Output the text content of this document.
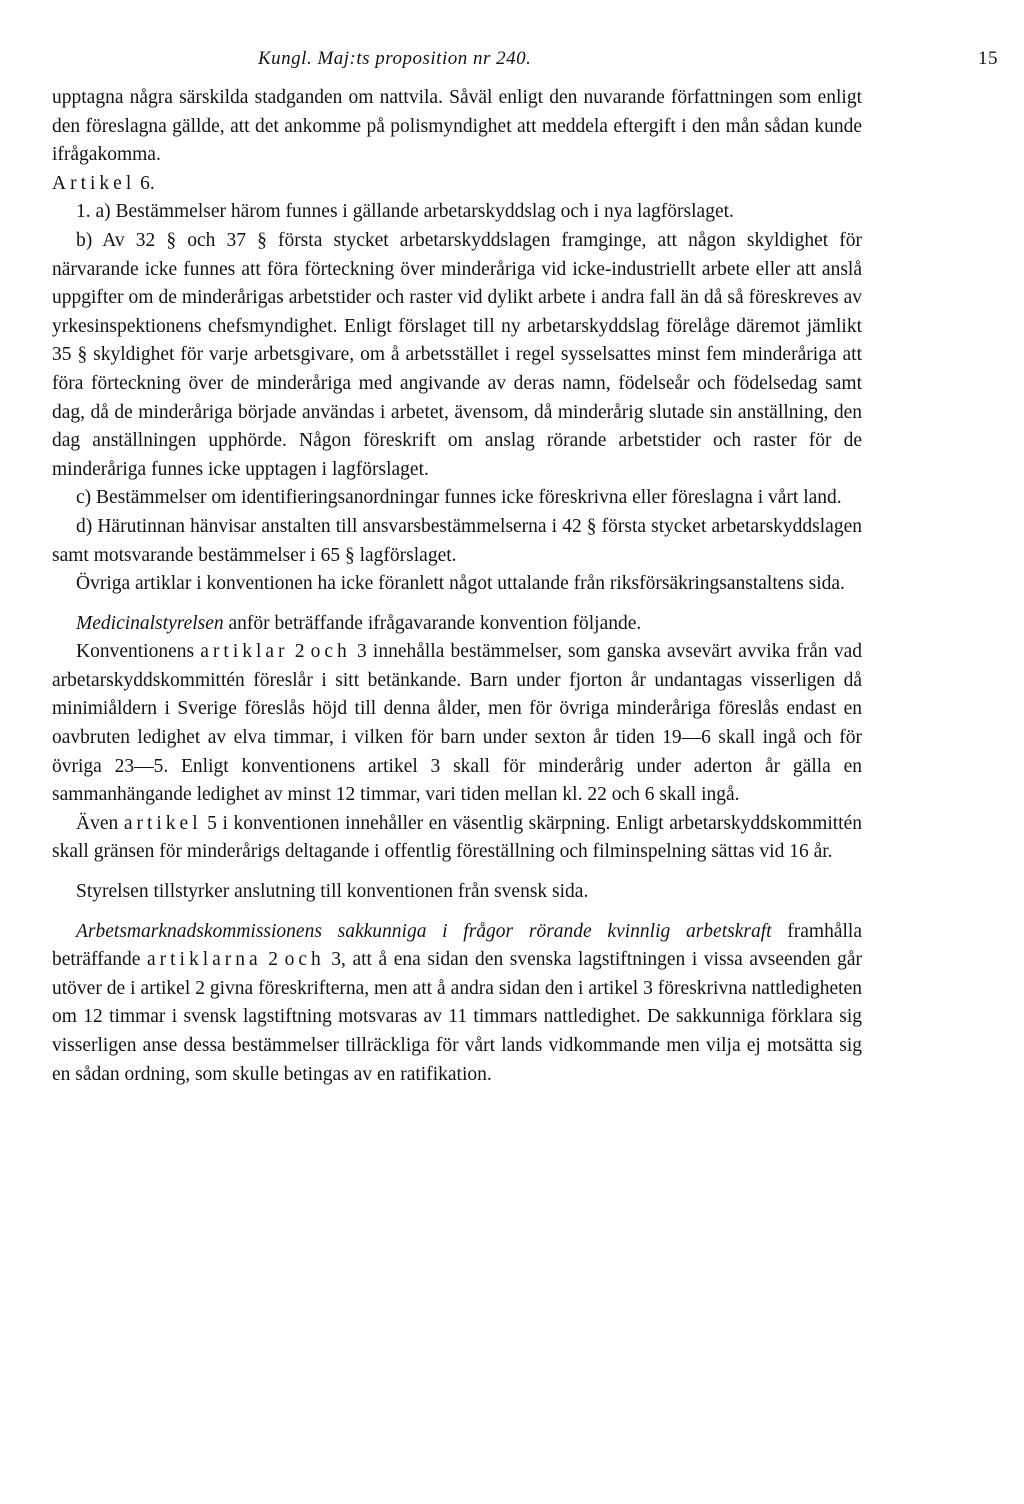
Kungl. Maj:ts proposition nr 240.	15

upptagna några särskilda stadganden om nattvila. Såväl enligt den nuvarande författningen som enligt den föreslagna gällde, att det ankomme på polismyndighet att meddela eftergift i den mån sådan kunde ifrågakomma.

Artikel 6.

1. a) Bestämmelser härom funnes i gällande arbetarskyddslag och i nya lagförslaget.

b) Av 32 § och 37 § första stycket arbetarskyddslagen framginge, att någon skyldighet för närvarande icke funnes att föra förteckning över minderåriga vid icke-industriellt arbete eller att anslå uppgifter om de minderårigas arbetstider och raster vid dylikt arbete i andra fall än då så föreskreves av yrkesinspektionens chefsmyndighet. Enligt förslaget till ny arbetarskyddslag förelåge däremot jämlikt 35 § skyldighet för varje arbetsgivare, om å arbetsstället i regel sysselsattes minst fem minderåriga att föra förteckning över de minderåriga med angivande av deras namn, födelseår och födelsedag samt dag, då de minderåriga började användas i arbetet, ävensom, då minderårig slutade sin anställning, den dag anställningen upphörde. Någon föreskrift om anslag rörande arbetstider och raster för de minderåriga funnes icke upptagen i lagförslaget.

c) Bestämmelser om identifieringsanordningar funnes icke föreskrivna eller föreslagna i vårt land.

d) Härutinnan hänvisar anstalten till ansvarsbestämmelserna i 42 § första stycket arbetarskyddslagen samt motsvarande bestämmelser i 65 § lagförslaget.

Övriga artiklar i konventionen ha icke föranlett något uttalande från riksförsäkringsanstaltens sida.

Medicinalstyrelsen anför beträffande ifrågavarande konvention följande.

Konventionens artiklar 2 och 3 innehålla bestämmelser, som ganska avsevärt avvika från vad arbetarskyddskommittén föreslår i sitt betänkande. Barn under fjorton år undantagas visserligen då minimiåldern i Sverige föreslås höjd till denna ålder, men för övriga minderåriga föreslås endast en oavbruten ledighet av elva timmar, i vilken för barn under sexton år tiden 19—6 skall ingå och för övriga 23—5. Enligt konventionens artikel 3 skall för minderårig under aderton år gälla en sammanhängande ledighet av minst 12 timmar, vari tiden mellan kl. 22 och 6 skall ingå.

Även artikel 5 i konventionen innehåller en väsentlig skärpning. Enligt arbetarskyddskommittén skall gränsen för minderårigs deltagande i offentlig föreställning och filminspelning sättas vid 16 år.

Styrelsen tillstyrker anslutning till konventionen från svensk sida.

Arbetsmarknadskommissionens sakkunniga i frågor rörande kvinnlig arbetskraft framhålla beträffande artiklarna 2 och 3, att å ena sidan den svenska lagstiftningen i vissa avseenden går utöver de i artikel 2 givna föreskrifterna, men att å andra sidan den i artikel 3 föreskrivna nattledigheten om 12 timmar i svensk lagstiftning motsvaras av 11 timmars nattledighet. De sakkunniga förklara sig visserligen anse dessa bestämmelser tillräckliga för vårt lands vidkommande men vilja ej motsätta sig en sådan ordning, som skulle betingas av en ratifikation.
